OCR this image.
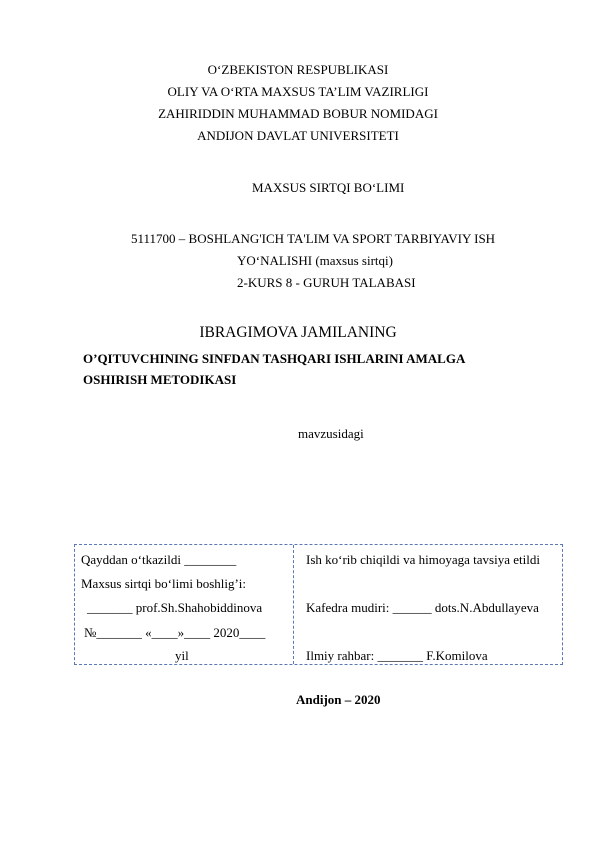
O‘ZBEKISTON RESPUBLIKASI
OLIY VA O‘RTA MAXSUS TA’LIM VAZIRLIGI
ZAHIRIDDIN MUHAMMAD BOBUR NOMIDAGI
ANDIJON DAVLAT UNIVERSITETI
MAXSUS SIRTQI BO‘LIMI
5111700 – BOSHLANG'ICH TA'LIM VA SPORT TARBIYAVIY ISH
YO‘NALISHI (maxsus sirtqi)
2-KURS 8 - GURUH TALABASI
IBRAGIMOVA JAMILANING
O’QITUVCHINING SINFDAN TASHQARI ISHLARINI AMALGA
OSHIRISH METODIKASI
mavzusidagi
Qayddan o‘tkazildi ________
Maxsus sirtqi bo‘limi boshlig’i:
_______ prof.Sh.Shahobiddinova
№_______ «____»____ 2020____
yil
Ish ko‘rib chiqildi va himoyaga tavsiya etildi
Kafedra mudiri: ______ dots.N.Abdullayeva
Ilmiy rahbar: _______ F.Komilova
Andijon – 2020
